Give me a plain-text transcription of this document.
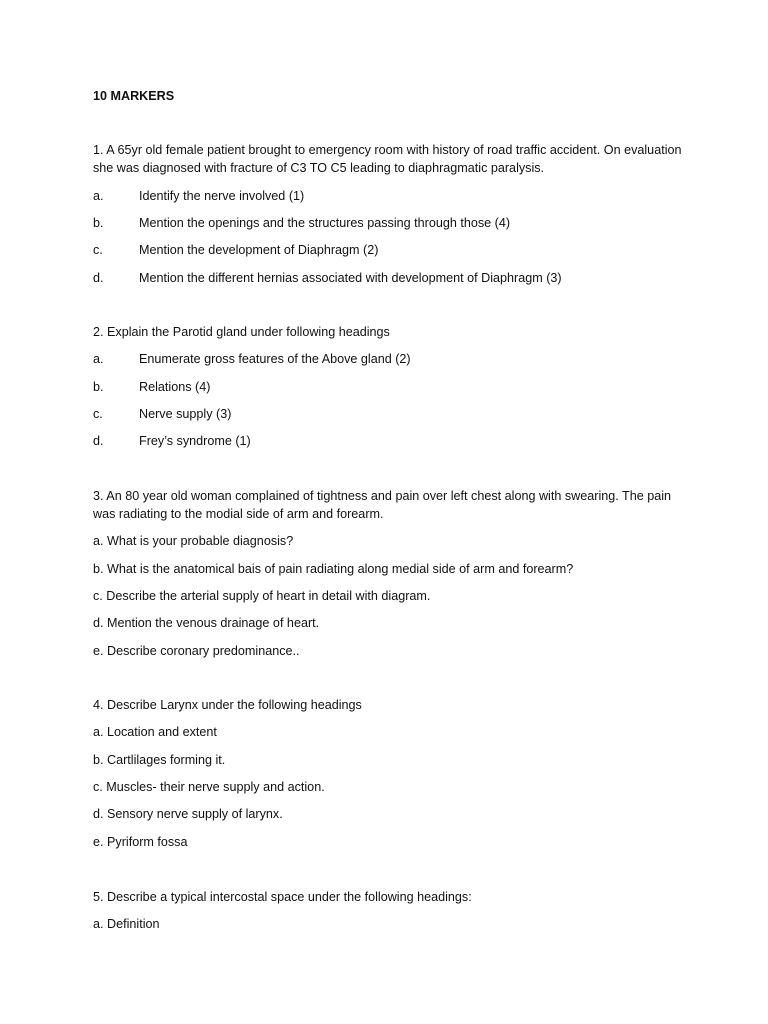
10 MARKERS
1. A 65yr old female patient brought to emergency room with history of road traffic accident. On evaluation she was diagnosed with fracture of C3 TO C5 leading to diaphragmatic paralysis.
a.	Identify the nerve involved (1)
b.	Mention the openings and the structures passing through those (4)
c.	Mention the development of Diaphragm (2)
d.	Mention the different hernias associated with development of Diaphragm (3)
2. Explain the Parotid gland under following headings
a.	Enumerate gross features of the Above gland (2)
b.	Relations (4)
c.	Nerve supply (3)
d.	Frey’s syndrome (1)
3. An 80 year old woman complained of tightness and pain over left chest along with swearing. The pain was radiating to the modial side of arm and forearm.
a. What is your probable diagnosis?
b. What is the anatomical bais of pain radiating along medial side of arm and forearm?
c. Describe the arterial supply of heart in detail with diagram.
d. Mention the venous drainage of heart.
e. Describe coronary predominance..
4. Describe Larynx under the following headings
a. Location and extent
b. Cartlilages forming it.
c. Muscles- their nerve supply and action.
d. Sensory nerve supply of larynx.
e. Pyriform fossa
5. Describe a typical intercostal space under the following headings:
a. Definition
